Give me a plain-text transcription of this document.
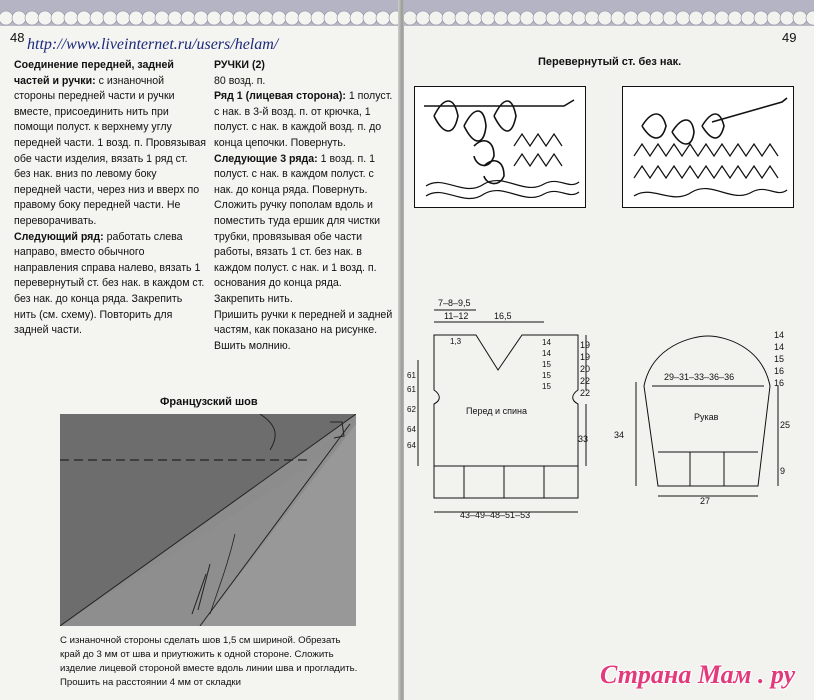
48 http://www.liveinternet.ru/users/helam/

Соединение передней, задней частей и ручки: с изнаночной стороны передней части и ручки вместе, присоединить нить при помощи полуст. к верхнему углу передней части. 1 возд. п. Провязывая обе части изделия, вязать 1 ряд ст. без нак. вниз по левому боку передней части, через низ и вверх по правому боку передней части. Не переворачивать.

Следующий ряд: работать слева направо, вместо обычного направления справа налево, вязать 1 перевернутый ст. без нак. в каждом ст. без нак. до конца ряда. Закрепить нить (см. схему). Повторить для задней части.

РУЧКИ (2)

80 возд. п.

Ряд 1 (лицевая сторона): 1 полуст. с нак. в 3-й возд. п. от крючка, 1 полуст. с нак. в каждой возд. п. до конца цепочки. Повернуть.

Следующие 3 ряда: 1 возд. п. 1 полуст. с нак. в каждом полуст. с нак. до конца ряда. Повернуть. Сложить ручку пополам вдоль и поместить туда ершик для чистки трубки, провязывая обе части работы, вязать 1 ст. без нак. в каждом полуст. с нак. и 1 возд. п. основания до конца ряда. Закрепить нить.

Пришить ручки к передней и задней частям, как показано на рисунке. Вшить молнию.

Французский шов
С изнаночной стороны сделать шов 1,5 см шириной. Обрезать край до 3 мм от шва и приутюжить к одной стороне. Сложить изделие лицевой стороной вместе вдоль линии шва и прогладить. Прошить на расстоянии 4 мм от складки
49
Перевернутый ст. без нак.
7–8–9,5
11–12	16,5
1,3	14
14
15
15
15
19
19
20
22
22
61
61
62
64
64
33
Перед и спина
43–49–48–51–53
14
14
15
16
16
29–31–33–36–36
25
9
34
Рукав
27
Страна Мам . ру
